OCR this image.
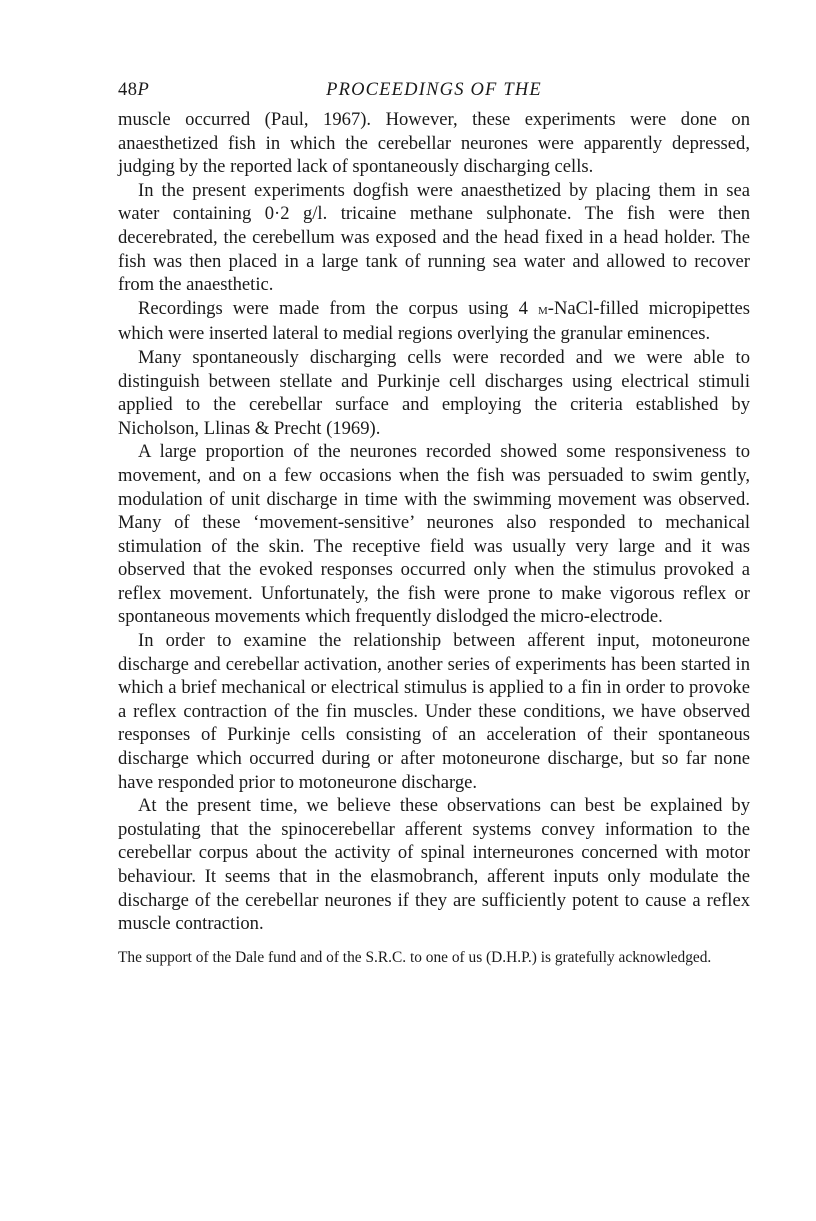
48P	PROCEEDINGS OF THE

muscle occurred (Paul, 1967). However, these experiments were done on anaesthetized fish in which the cerebellar neurones were apparently depressed, judging by the reported lack of spontaneously discharging cells.

In the present experiments dogfish were anaesthetized by placing them in sea water containing 0·2 g/l. tricaine methane sulphonate. The fish were then decerebrated, the cerebellum was exposed and the head fixed in a head holder. The fish was then placed in a large tank of running sea water and allowed to recover from the anaesthetic.

Recordings were made from the corpus using 4 m-NaCl-filled micropipettes which were inserted lateral to medial regions overlying the granular eminences.

Many spontaneously discharging cells were recorded and we were able to distinguish between stellate and Purkinje cell discharges using electrical stimuli applied to the cerebellar surface and employing the criteria established by Nicholson, Llinas & Precht (1969).

A large proportion of the neurones recorded showed some responsiveness to movement, and on a few occasions when the fish was persuaded to swim gently, modulation of unit discharge in time with the swimming movement was observed. Many of these ‘movement-sensitive’ neurones also responded to mechanical stimulation of the skin. The receptive field was usually very large and it was observed that the evoked responses occurred only when the stimulus provoked a reflex movement. Unfortunately, the fish were prone to make vigorous reflex or spontaneous movements which frequently dislodged the micro-electrode.

In order to examine the relationship between afferent input, motoneurone discharge and cerebellar activation, another series of experiments has been started in which a brief mechanical or electrical stimulus is applied to a fin in order to provoke a reflex contraction of the fin muscles. Under these conditions, we have observed responses of Purkinje cells consisting of an acceleration of their spontaneous discharge which occurred during or after motoneurone discharge, but so far none have responded prior to motoneurone discharge.

At the present time, we believe these observations can best be explained by postulating that the spinocerebellar afferent systems convey information to the cerebellar corpus about the activity of spinal interneurones concerned with motor behaviour. It seems that in the elasmobranch, afferent inputs only modulate the discharge of the cerebellar neurones if they are sufficiently potent to cause a reflex muscle contraction.

The support of the Dale fund and of the S.R.C. to one of us (D.H.P.) is gratefully acknowledged.
